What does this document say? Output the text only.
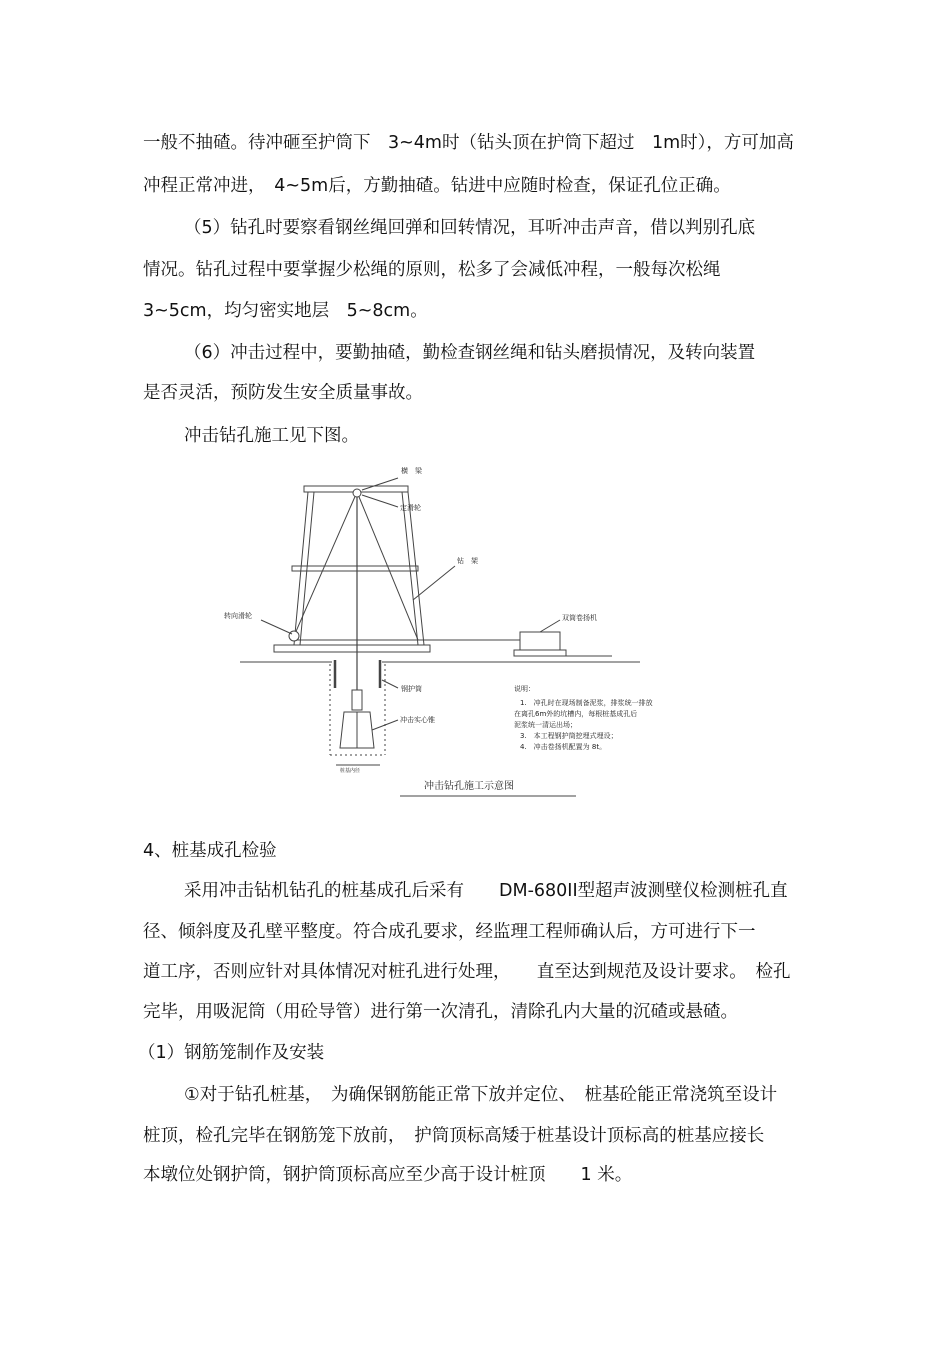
一般不抽碴。待冲砸至护筒下　3~4m时（钻头顶在护筒下超过　1m时），方可加高
冲程正常冲进，　4~5m后，方勤抽碴。钻进中应随时检查，保证孔位正确。
（5）钻孔时要察看钢丝绳回弹和回转情况，耳听冲击声音，借以判别孔底
情况。钻孔过程中要掌握少松绳的原则，松多了会减低冲程，一般每次松绳
3~5cm，均匀密实地层　5~8cm。
（6）冲击过程中，要勤抽碴，勤检查钢丝绳和钻头磨损情况，及转向装置
是否灵活，预防发生安全质量事故。
冲击钻孔施工见下图。
横　梁
定滑轮
钻　架
转向滑轮	双筒卷扬机
钢护筒
冲击实心锥
桩基内径
说明：
1.　冲孔时在现场制备泥浆，排浆统一排放
在离孔6m外的坑槽内，每根桩基成孔后
泥浆统一清运出场；
3.　本工程钢护筒挖埋式埋设；
4.　冲击卷扬机配置为 8t。
冲击钻孔施工示意图
4、桩基成孔检验
采用冲击钻机钻孔的桩基成孔后采有　　DM-680II型超声波测壁仪检测桩孔直
径、倾斜度及孔壁平整度。符合成孔要求，经监理工程师确认后，方可进行下一
道工序，否则应针对具体情况对桩孔进行处理，　　直至达到规范及设计要求。　检孔
完毕，用吸泥筒（用砼导管）进行第一次清孔，清除孔内大量的沉碴或悬碴。
（1）钢筋笼制作及安装
①对于钻孔桩基，　为确保钢筋能正常下放并定位、　桩基砼能正常浇筑至设计
桩顶，检孔完毕在钢筋笼下放前，　护筒顶标高矮于桩基设计顶标高的桩基应接长
本墩位处钢护筒，钢护筒顶标高应至少高于设计桩顶　　1 米。
